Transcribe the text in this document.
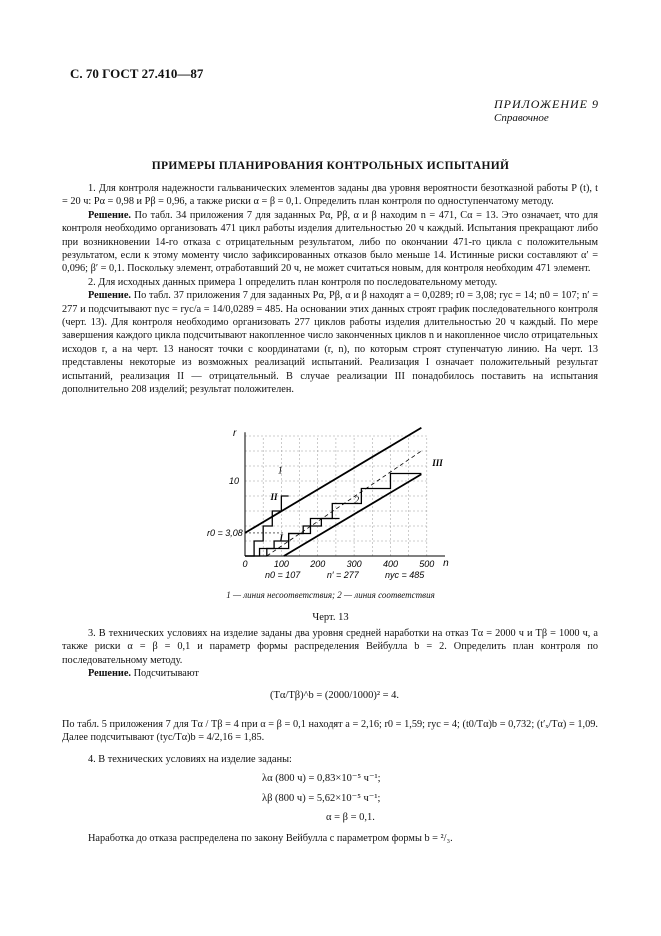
С. 70 ГОСТ 27.410—87
ПРИЛОЖЕНИЕ 9
Справочное
ПРИМЕРЫ ПЛАНИРОВАНИЯ КОНТРОЛЬНЫХ ИСПЫТАНИЙ

1. Для контроля надежности гальванических элементов заданы два уровня вероятности безотказной работы P (t), t = 20 ч: Pα = 0,98 и Pβ = 0,96, а также риски α = β = 0,1. Определить план контроля по одноступенчатому методу.

Решение. По табл. 34 приложения 7 для заданных Pα, Pβ, α и β находим n = 471, Cα = 13. Это означает, что для контроля необходимо организовать 471 цикл работы изделия длительностью 20 ч каждый. Испытания прекращают либо при возникновении 14-го отказа с отрицательным результатом, либо по окончании 471-го цикла с положительным результатом, если к этому моменту число зафиксированных отказов было меньше 14. Истинные риски составляют α′ = 0,096; β′ = 0,1. Поскольку элемент, отработавший 20 ч, не может считаться новым, для контроля необходим 471 элемент.

2. Для исходных данных примера 1 определить план контроля по последовательному методу.

Решение. По табл. 37 приложения 7 для заданных Pα, Pβ, α и β находят a = 0,0289; r0 = 3,08; rус = 14; n0 = 107; n′ = 277 и подсчитывают nус = rус/a = 14/0,0289 = 485. На основании этих данных строят график последовательного контроля (черт. 13). Для контроля необходимо организовать 277 циклов работы изделия длительностью 20 ч каждый. По мере завершения каждого цикла подсчитывают накопленное число законченных циклов n и накопленное число отрицательных исходов r, а на черт. 13 наносят точки с координатами (r, n), по которым строят ступенчатую линию. На черт. 13 представлены некоторые из возможных реализаций испытаний. Реализация I означает положительный результат испытаний, реализация II — отрицательный. В случае реализации III понадобилось поставить на испытания дополнительно 208 изделий; результат положителен.

n
r
0	100 200 300 400 500
10
1
2
II
I
III
r0 = 3,08
n0 = 107	n′ = 277	nус = 485
1 — линия несоответствия; 2 — линия соответствия
Черт. 13

3. В технических условиях на изделие заданы два уровня средней наработки на отказ Tα = 2000 ч и Tβ = 1000 ч, а также риски α = β = 0,1 и параметр формы распределения Вейбулла b = 2. Определить план контроля по последовательному методу.

Решение. Подсчитывают

(Tα/Tβ)^b = (2000/1000)² = 4.

По табл. 5 приложения 7 для Tα / Tβ = 4 при α = β = 0,1 находят a = 2,16; r0 = 1,59; rус = 4; (t0/Tα)b = 0,732; (t′ₓ/Tα) = 1,09. Далее подсчитывают (tус/Tα)b = 4/2,16 = 1,85.

4. В технических условиях на изделие заданы:

λα (800 ч) = 0,83×10⁻⁵ ч⁻¹;
λβ (800 ч) = 5,62×10⁻⁵ ч⁻¹;
α = β = 0,1.

Наработка до отказа распределена по закону Вейбулла с параметром формы b = ²/₃.
